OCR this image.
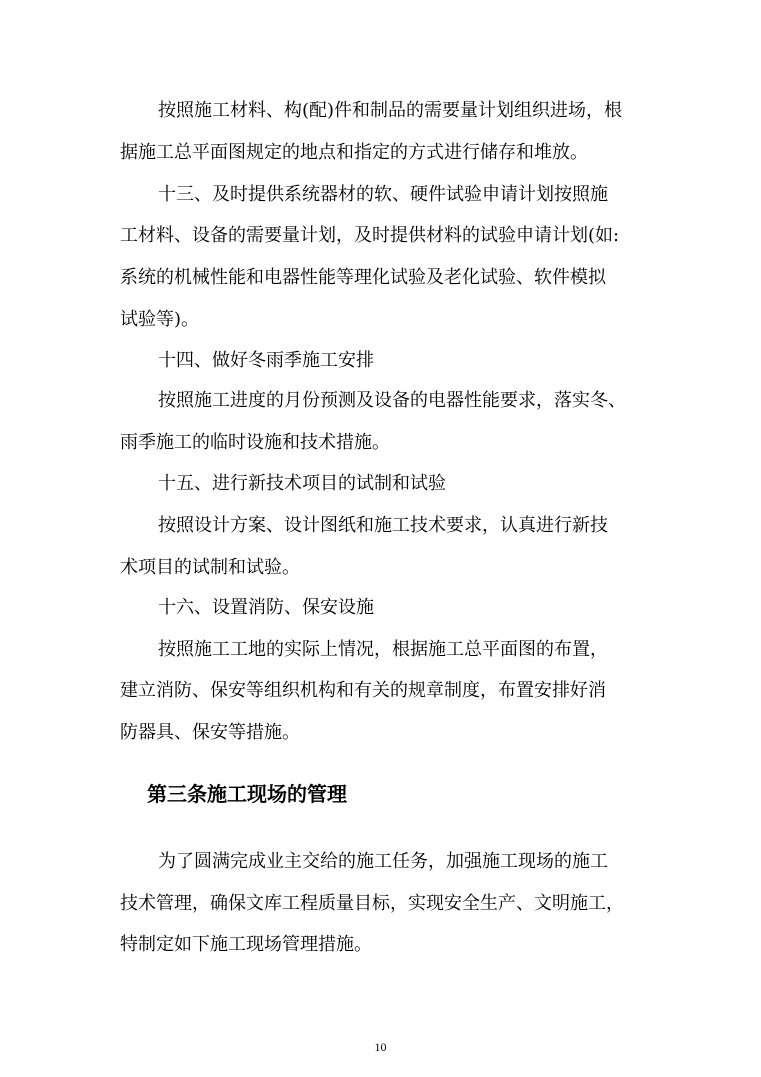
按照施工材料、构(配)件和制品的需要量计划组织进场，根
据施工总平面图规定的地点和指定的方式进行储存和堆放。
十三、及时提供系统器材的软、硬件试验申请计划按照施
工材料、设备的需要量计划，及时提供材料的试验申请计划(如:
系统的机械性能和电器性能等理化试验及老化试验、软件模拟
试验等)。
十四、做好冬雨季施工安排
按照施工进度的月份预测及设备的电器性能要求，落实冬、
雨季施工的临时设施和技术措施。
十五、进行新技术项目的试制和试验
按照设计方案、设计图纸和施工技术要求，认真进行新技
术项目的试制和试验。
十六、设置消防、保安设施
按照施工工地的实际上情况，根据施工总平面图的布置，
建立消防、保安等组织机构和有关的规章制度，布置安排好消
防器具、保安等措施。
第三条施工现场的管理
为了圆满完成业主交给的施工任务，加强施工现场的施工
技术管理，确保文库工程质量目标，实现安全生产、文明施工，
特制定如下施工现场管理措施。
10
